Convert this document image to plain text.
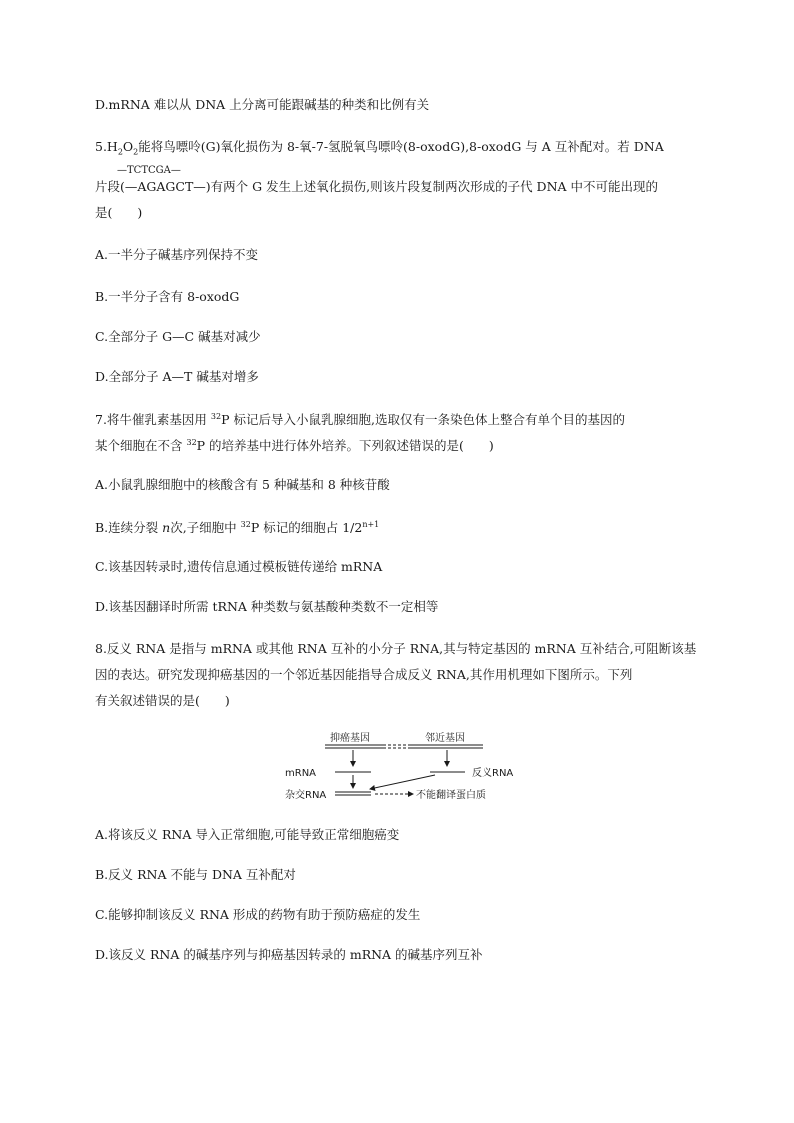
D.mRNA 难以从 DNA 上分离可能跟碱基的种类和比例有关
$5.H_2O_2$能将鸟嘌呤(G)氧化损伤为 8-氧-7-氢脱氧鸟嘌呤(8-oxodG),8-oxodG 与 A 互补配对。若 DNA
—TCTCGA—
片段(—AGAGCT—)有两个 G 发生上述氧化损伤,则该片段复制两次形成的子代 DNA 中不可能出现的
是(　　)
A.一半分子碱基序列保持不变
B.一半分子含有 8-oxodG
C.全部分子 G—C 碱基对减少
D.全部分子 A—T 碱基对增多
7.将牛催乳素基因用 $^{32}$P 标记后导入小鼠乳腺细胞,选取仅有一条染色体上整合有单个目的基因的
某个细胞在不含 $^{32}$P 的培养基中进行体外培养。下列叙述错误的是(　　)
A.小鼠乳腺细胞中的核酸含有 5 种碱基和 8 种核苷酸
B.连续分裂 n次,子细胞中 $^{32}$P 标记的细胞占 $1/2^{n+1}$
C.该基因转录时,遗传信息通过模板链传递给 mRNA
D.该基因翻译时所需 tRNA 种类数与氨基酸种类数不一定相等
8.反义 RNA 是指与 mRNA 或其他 RNA 互补的小分子 RNA,其与特定基因的 mRNA 互补结合,可阻断该基
因的表达。研究发现抑癌基因的一个邻近基因能指导合成反义 RNA,其作用机理如下图所示。下列
有关叙述错误的是(　　)
抑癌基因	邻近基因
mRNA	反义RNA
杂交RNA	不能翻译蛋白质
A.将该反义 RNA 导入正常细胞,可能导致正常细胞癌变
B.反义 RNA 不能与 DNA 互补配对
C.能够抑制该反义 RNA 形成的药物有助于预防癌症的发生
D.该反义 RNA 的碱基序列与抑癌基因转录的 mRNA 的碱基序列互补
